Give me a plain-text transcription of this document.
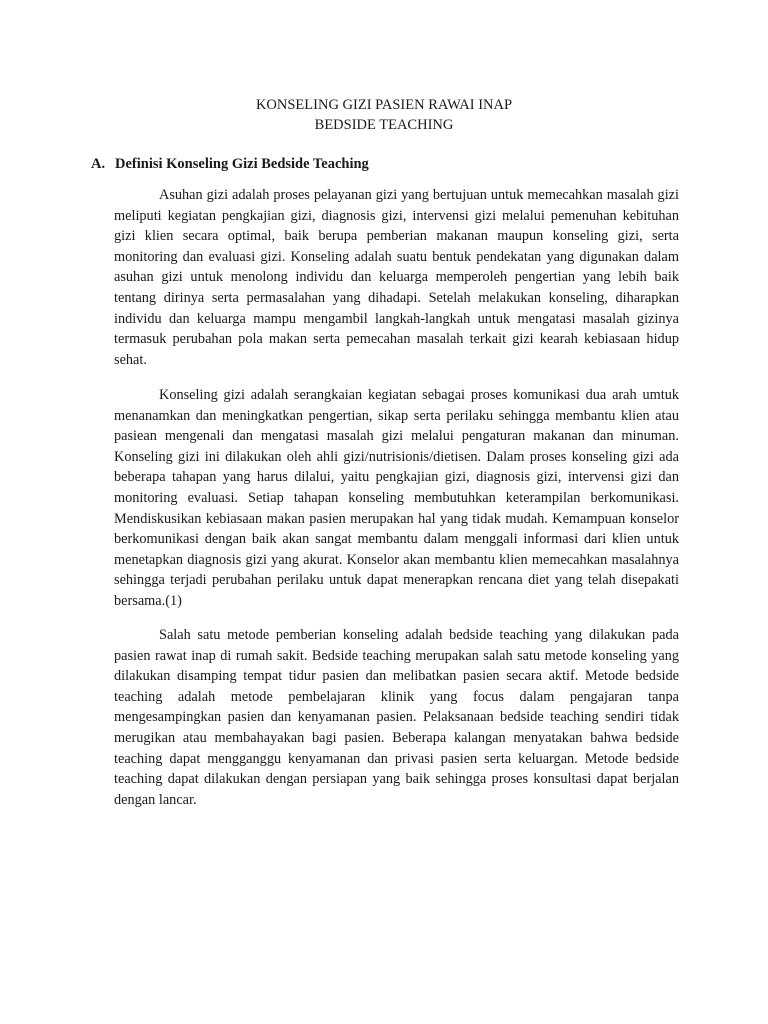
KONSELING GIZI PASIEN RAWAI INAP
BEDSIDE TEACHING
A. Definisi Konseling Gizi Bedside Teaching

Asuhan gizi adalah proses pelayanan gizi yang bertujuan untuk memecahkan masalah gizi meliputi kegiatan pengkajian gizi, diagnosis gizi, intervensi gizi melalui pemenuhan kebituhan gizi klien secara optimal, baik berupa pemberian makanan maupun konseling gizi, serta monitoring dan evaluasi gizi. Konseling adalah suatu bentuk pendekatan yang digunakan dalam asuhan gizi untuk menolong individu dan keluarga memperoleh pengertian yang lebih baik tentang dirinya serta permasalahan yang dihadapi. Setelah melakukan konseling, diharapkan individu dan keluarga mampu mengambil langkah-langkah untuk mengatasi masalah gizinya termasuk perubahan pola makan serta pemecahan masalah terkait gizi kearah kebiasaan hidup sehat.

Konseling gizi adalah serangkaian kegiatan sebagai proses komunikasi dua arah umtuk menanamkan dan meningkatkan pengertian, sikap serta perilaku sehingga membantu klien atau pasiean mengenali dan mengatasi masalah gizi melalui pengaturan makanan dan minuman. Konseling gizi ini dilakukan oleh ahli gizi/nutrisionis/dietisen. Dalam proses konseling gizi ada beberapa tahapan yang harus dilalui, yaitu pengkajian gizi, diagnosis gizi, intervensi gizi dan monitoring evaluasi. Setiap tahapan konseling membutuhkan keterampilan berkomunikasi. Mendiskusikan kebiasaan makan pasien merupakan hal yang tidak mudah. Kemampuan konselor berkomunikasi dengan baik akan sangat membantu dalam menggali informasi dari klien untuk menetapkan diagnosis gizi yang akurat. Konselor akan membantu klien memecahkan masalahnya sehingga terjadi perubahan perilaku untuk dapat menerapkan rencana diet yang telah disepakati bersama.(1)

Salah satu metode pemberian konseling adalah bedside teaching yang dilakukan pada pasien rawat inap di rumah sakit. Bedside teaching merupakan salah satu metode konseling yang dilakukan disamping tempat tidur pasien dan melibatkan pasien secara aktif. Metode bedside teaching adalah metode pembelajaran klinik yang focus dalam pengajaran tanpa mengesampingkan pasien dan kenyamanan pasien. Pelaksanaan bedside teaching sendiri tidak merugikan atau membahayakan bagi pasien. Beberapa kalangan menyatakan bahwa bedside teaching dapat mengganggu kenyamanan dan privasi pasien serta keluargan. Metode bedside teaching dapat dilakukan dengan persiapan yang baik sehingga proses konsultasi dapat berjalan dengan lancar.
